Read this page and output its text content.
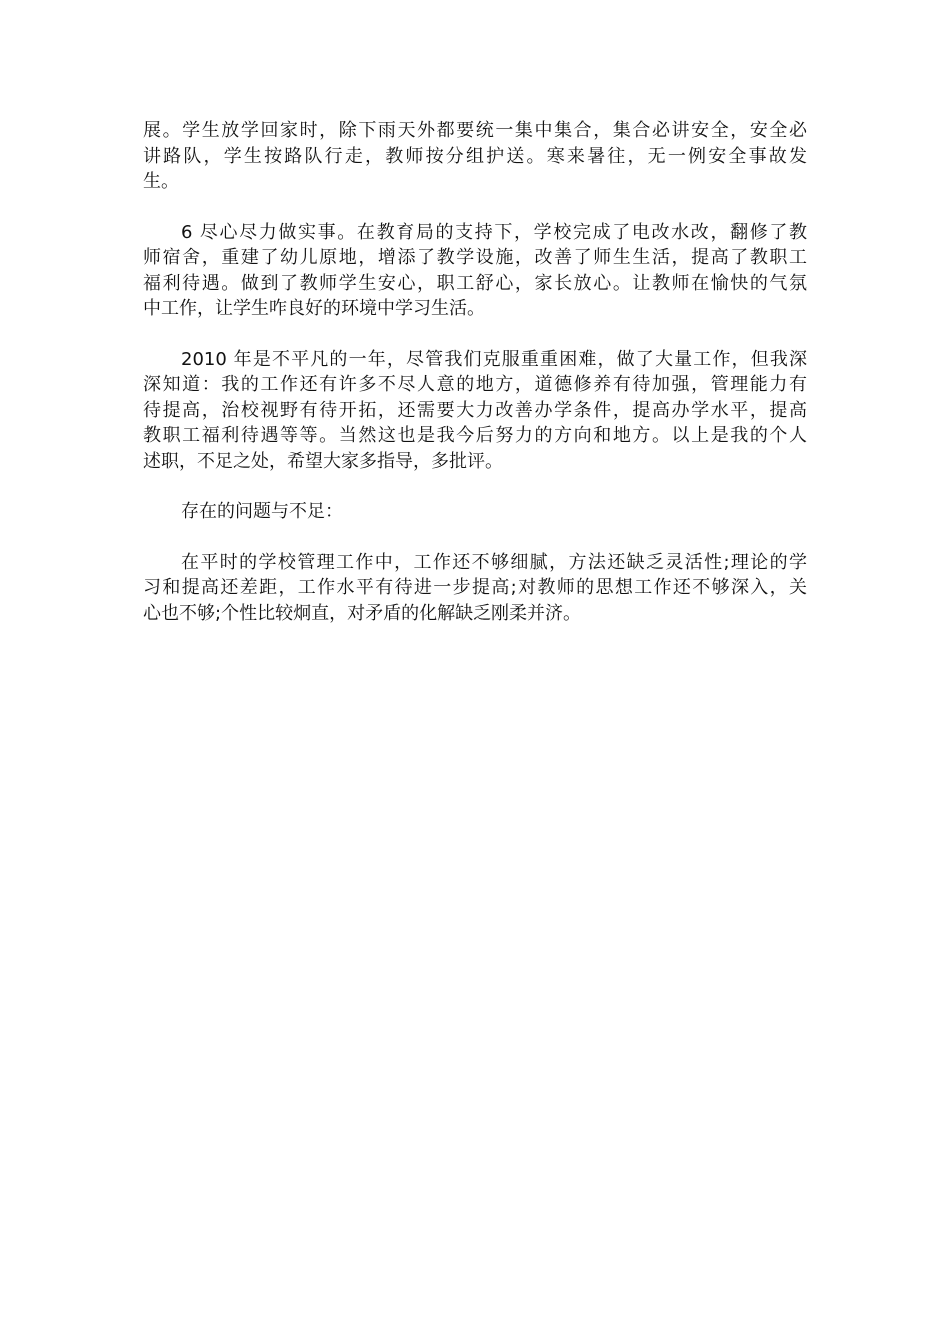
展。学生放学回家时，除下雨天外都要统一集中集合，集合必讲安全，安全必
讲路队，学生按路队行走，教师按分组护送。寒来暑往，无一例安全事故发
生。

6 尽心尽力做实事。在教育局的支持下，学校完成了电改水改，翻修了教
师宿舍，重建了幼儿原地，增添了教学设施，改善了师生生活，提高了教职工
福利待遇。做到了教师学生安心，职工舒心，家长放心。让教师在愉快的气氛
中工作，让学生咋良好的环境中学习生活。

2010 年是不平凡的一年，尽管我们克服重重困难，做了大量工作，但我深
深知道：我的工作还有许多不尽人意的地方，道德修养有待加强，管理能力有
待提高，治校视野有待开拓，还需要大力改善办学条件，提高办学水平，提高
教职工福利待遇等等。当然这也是我今后努力的方向和地方。以上是我的个人
述职，不足之处，希望大家多指导，多批评。

存在的问题与不足：

在平时的学校管理工作中，工作还不够细腻，方法还缺乏灵活性;理论的学
习和提高还差距，工作水平有待进一步提高;对教师的思想工作还不够深入，关
心也不够;个性比较炯直，对矛盾的化解缺乏刚柔并济。
